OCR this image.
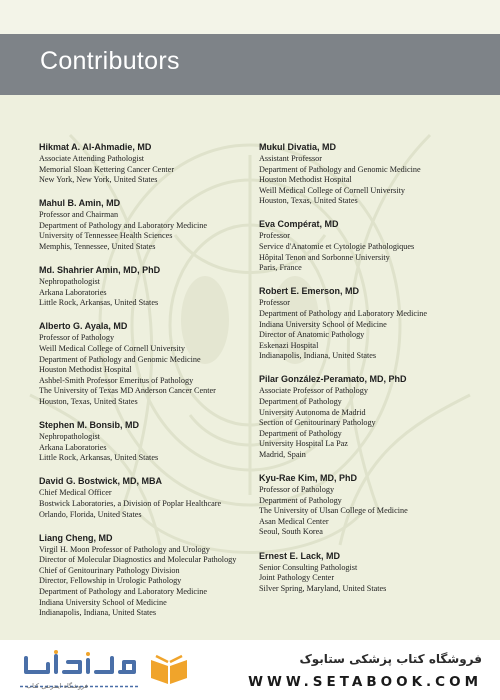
Contributors
Hikmat A. Al-Ahmadie, MD
Associate Attending Pathologist
Memorial Sloan Kettering Cancer Center
New York, New York, United States
Mahul B. Amin, MD
Professor and Chairman
Department of Pathology and Laboratory Medicine
University of Tennessee Health Sciences
Memphis, Tennessee, United States
Md. Shahrier Amin, MD, PhD
Nephropathologist
Arkana Laboratories
Little Rock, Arkansas, United States
Alberto G. Ayala, MD
Professor of Pathology
Weill Medical College of Cornell University
Department of Pathology and Genomic Medicine
Houston Methodist Hospital
Ashbel-Smith Professor Emeritus of Pathology
The University of Texas MD Anderson Cancer Center
Houston, Texas, United States
Stephen M. Bonsib, MD
Nephropathologist
Arkana Laboratories
Little Rock, Arkansas, United States
David G. Bostwick, MD, MBA
Chief Medical Officer
Bostwick Laboratories, a Division of Poplar Healthcare
Orlando, Florida, United States
Liang Cheng, MD
Virgil H. Moon Professor of Pathology and Urology
Director of Molecular Diagnostics and Molecular Pathology
Chief of Genitourinary Pathology Division
Director, Fellowship in Urologic Pathology
Department of Pathology and Laboratory Medicine
Indiana University School of Medicine
Indianapolis, Indiana, United States
Mukul Divatia, MD
Assistant Professor
Department of Pathology and Genomic Medicine
Houston Methodist Hospital
Weill Medical College of Cornell University
Houston, Texas, United States
Eva Compérat, MD
Professor
Service d'Anatomie et Cytologie Pathologiques
Hôpital Tenon and Sorbonne University
Paris, France
Robert E. Emerson, MD
Professor
Department of Pathology and Laboratory Medicine
Indiana University School of Medicine
Director of Anatomic Pathology
Eskenazi Hospital
Indianapolis, Indiana, United States
Pilar González-Peramato, MD, PhD
Associate Professor of Pathology
Department of Pathology
University Autonoma de Madrid
Section of Genitourinary Pathology
Department of Pathology
University Hospital La Paz
Madrid, Spain
Kyu-Rae Kim, MD, PhD
Professor of Pathology
Department of Pathology
The University of Ulsan College of Medicine
Asan Medical Center
Seoul, South Korea
Ernest E. Lack, MD
Senior Consulting Pathologist
Joint Pathology Center
Silver Spring, Maryland, United States
فروشگاه اینترنتی کتاب
فروشگاه کتاب پزشکی ستابوک
WWW.SETABOOK.COM
